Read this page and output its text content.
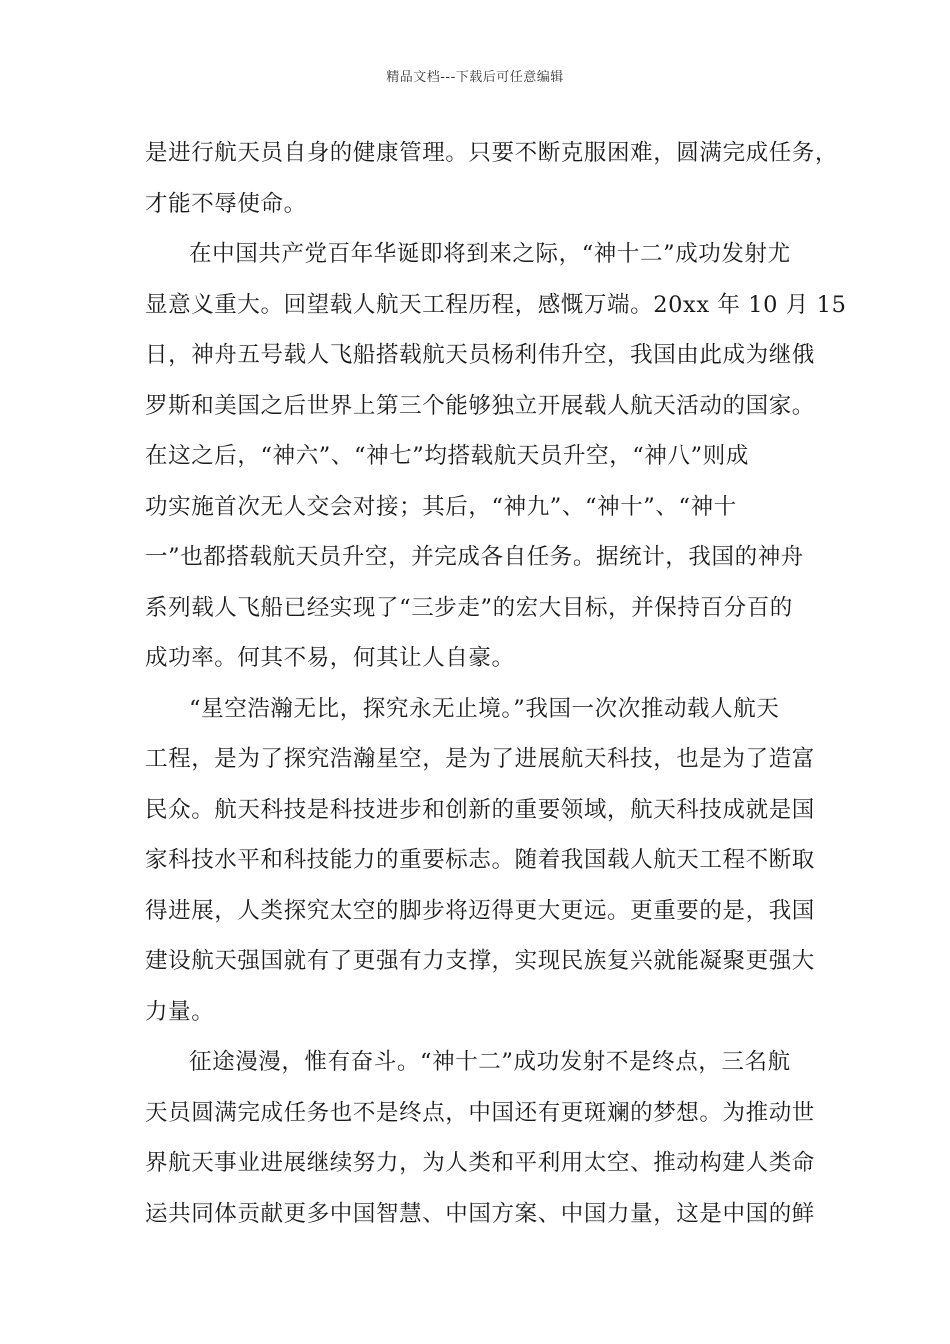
精品文档---下载后可任意编辑
是进行航天员自身的健康管理。只要不断克服困难，圆满完成任务，
才能不辱使命。
在中国共产党百年华诞即将到来之际，“神十二”成功发射尤
显意义重大。回望载人航天工程历程，感慨万端。20xx 年 10 月 15
日，神舟五号载人飞船搭载航天员杨利伟升空，我国由此成为继俄
罗斯和美国之后世界上第三个能够独立开展载人航天活动的国家。
在这之后，“神六”、“神七”均搭载航天员升空，“神八”则成
功实施首次无人交会对接；其后，“神九”、“神十”、“神十
一”也都搭载航天员升空，并完成各自任务。据统计，我国的神舟
系列载人飞船已经实现了“三步走”的宏大目标，并保持百分百的
成功率。何其不易，何其让人自豪。
“星空浩瀚无比，探究永无止境。”我国一次次推动载人航天
工程，是为了探究浩瀚星空，是为了进展航天科技，也是为了造富
民众。航天科技是科技进步和创新的重要领域，航天科技成就是国
家科技水平和科技能力的重要标志。随着我国载人航天工程不断取
得进展，人类探究太空的脚步将迈得更大更远。更重要的是，我国
建设航天强国就有了更强有力支撑，实现民族复兴就能凝聚更强大
力量。
征途漫漫，惟有奋斗。“神十二”成功发射不是终点，三名航
天员圆满完成任务也不是终点，中国还有更斑斓的梦想。为推动世
界航天事业进展继续努力，为人类和平利用太空、推动构建人类命
运共同体贡献更多中国智慧、中国方案、中国力量，这是中国的鲜
